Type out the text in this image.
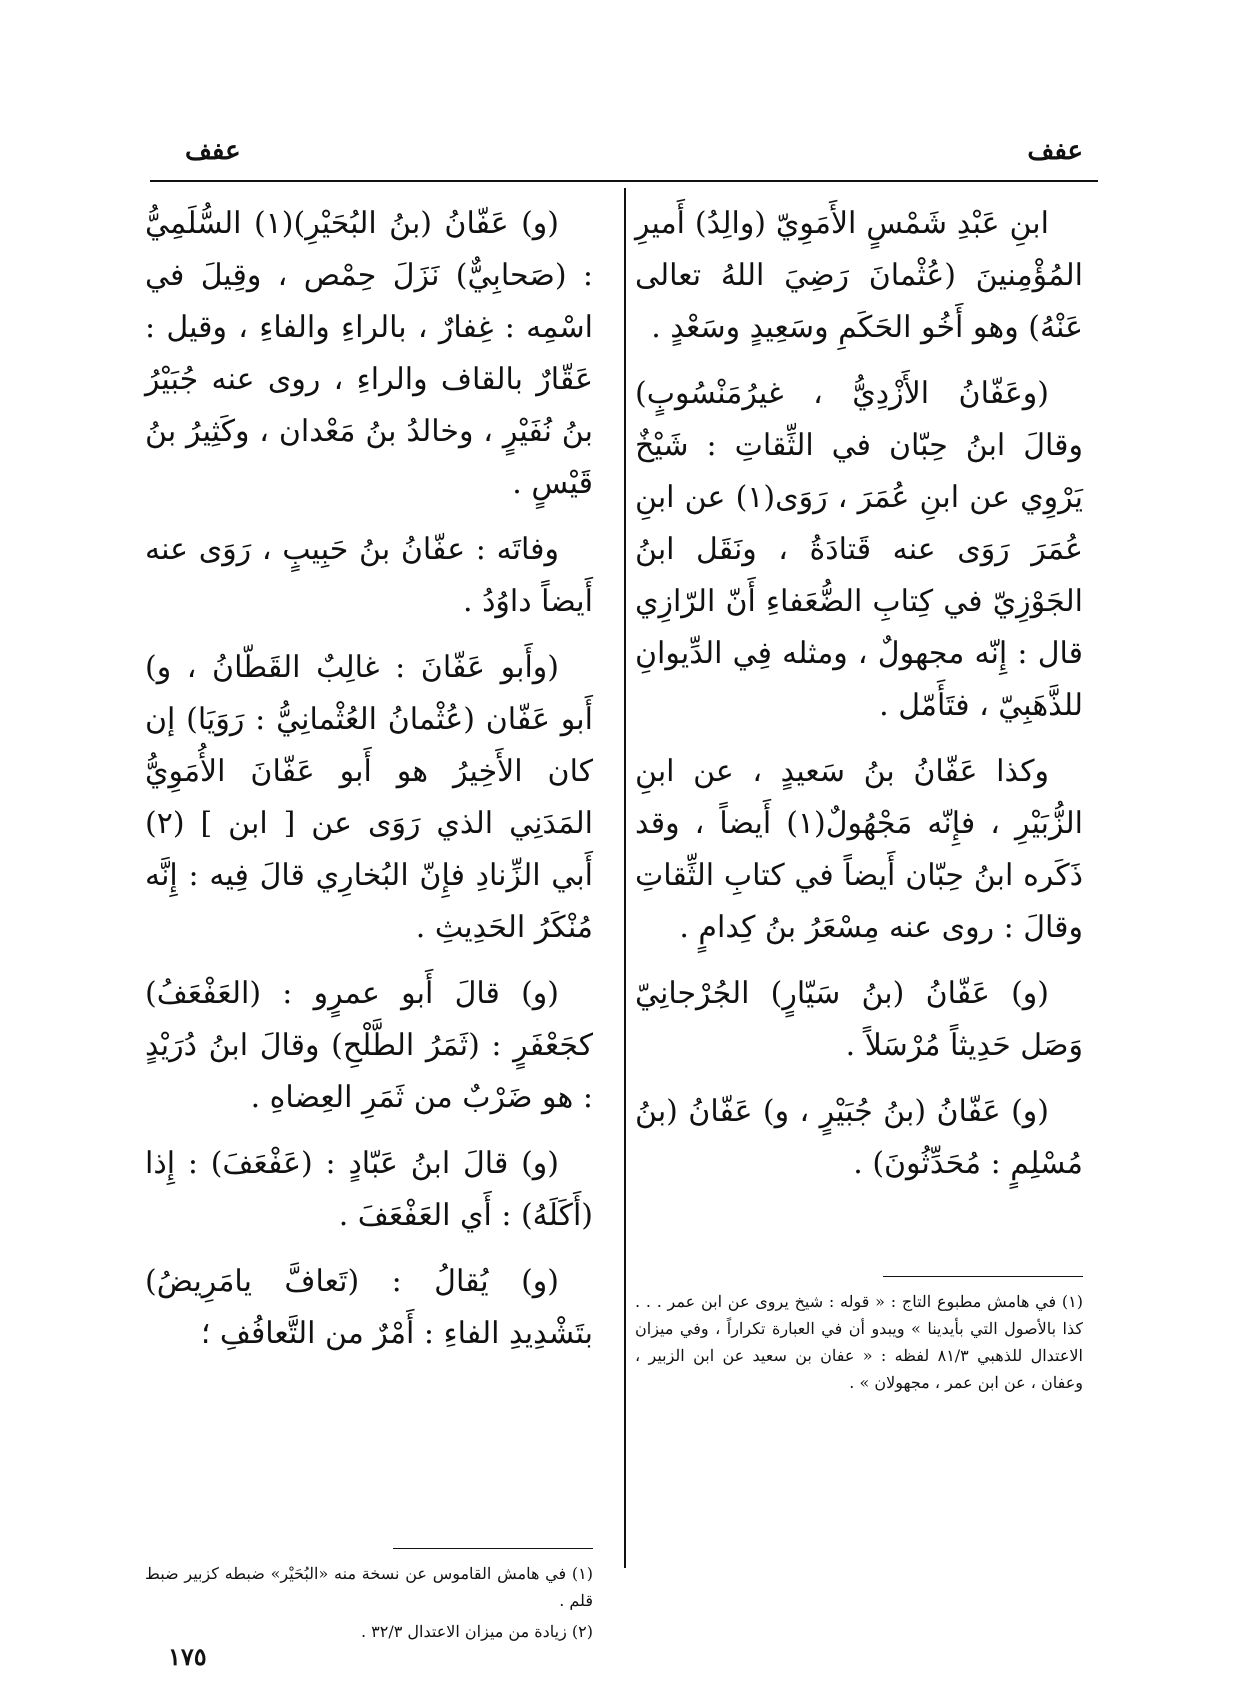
عفف
عفف

ابنِ عَبْدِ شَمْسٍ الأَمَوِيّ (والِدُ) أَميرِ المُؤْمِنينَ (عُثْمانَ رَضِيَ اللهُ تعالى عَنْهُ) وهو أَخُو الحَكَمِ وسَعِيدٍ وسَعْدٍ .

(وعَفّانُ الأَزْدِيُّ ، غيرُمَنْسُوبٍ) وقالَ ابنُ حِبّان في الثِّقاتِ : شَيْخٌ يَرْوِي عن ابنِ عُمَرَ ، رَوَى(١) عن ابنِ عُمَرَ رَوَى عنه قَتادَةُ ، ونَقَل ابنُ الجَوْزِيّ في كِتابِ الضُّعَفاءِ أَنّ الرّازِي قال : إِنّه مجهولٌ ، ومثله فِي الدِّيوانِ للذَّهَبِيّ ، فتَأَمّل .

وكذا عَفّانُ بنُ سَعيدٍ ، عن ابنِ الزُّبَيْرِ ، فإِنّه مَجْهُولٌ(١) أَيضاً ، وقد ذَكَره ابنُ حِبّان أَيضاً في كتابِ الثِّقاتِ وقالَ : روى عنه مِسْعَرُ بنُ كِدامٍ .

(و) عَفّانُ (بنُ سَيّارٍ) الجُرْجانِيّ وَصَل حَدِيثاً مُرْسَلاً .

(و) عَفّانُ (بنُ جُبَيْرٍ ، و) عَفّانُ (بنُ مُسْلِمٍ : مُحَدِّثُونَ) .

(و) عَفّانُ (بنُ البُحَيْرِ)(١) السُّلَمِيُّ : (صَحابِيٌّ) نَزَلَ حِمْص ، وقِيلَ في اسْمِه : غِفارٌ ، بالراءِ والفاءِ ، وقيل : عَقّارٌ بالقاف والراءِ ، روى عنه جُبَيْرُ بنُ نُفَيْرٍ ، وخالدُ بنُ مَعْدان ، وكَثِيرُ بنُ قَيْسٍ .

وفاتَه : عفّانُ بنُ حَبِيبٍ ، رَوَى عنه أَيضاً داوُدُ .

(وأَبو عَفّانَ : غالِبٌ القَطّانُ ، و) أَبو عَفّان (عُثْمانُ العُثْمانِيُّ : رَوَيَا) إن كان الأَخِيرُ هو أَبو عَفّانَ الأُمَوِيُّ المَدَنِي الذي رَوَى عن [ ابن ] (٢) أَبي الزِّنادِ فإِنّ البُخارِي قالَ فِيه : إِنَّه مُنْكَرُ الحَدِيثِ .

(و) قالَ أَبو عمرٍو : (العَفْعَفُ) كجَعْفَرٍ : (ثَمَرُ الطَّلْحِ) وقالَ ابنُ دُرَيْدٍ : هو ضَرْبٌ من ثَمَرِ العِضاهِ .

(و) قالَ ابنُ عَبّادٍ : (عَفْعَفَ) : إِذا (أَكَلَهُ) : أَي العَفْعَفَ .

(و) يُقالُ : (تَعافَّ يامَرِيضُ) بتَشْدِيدِ الفاءِ : أَمْرٌ من التَّعافُفِ ؛

(١) في هامش مطبوع التاج : « قوله : شيخ يروى عن ابن عمر . . . كذا بالأصول التي بأيدينا » ويبدو أن في العبارة تكراراً ، وفي ميزان الاعتدال للذهبي ٨١/٣ لفظه : « عفان بن سعيد عن ابن الزبير ، وعفان ، عن ابن عمر ، مجهولان » .

(١) في هامش القاموس عن نسخة منه «البُحَيْر» ضبطه كزبير ضبط قلم .

(٢) زيادة من ميزان الاعتدال ٣٢/٣ .

١٧٥
